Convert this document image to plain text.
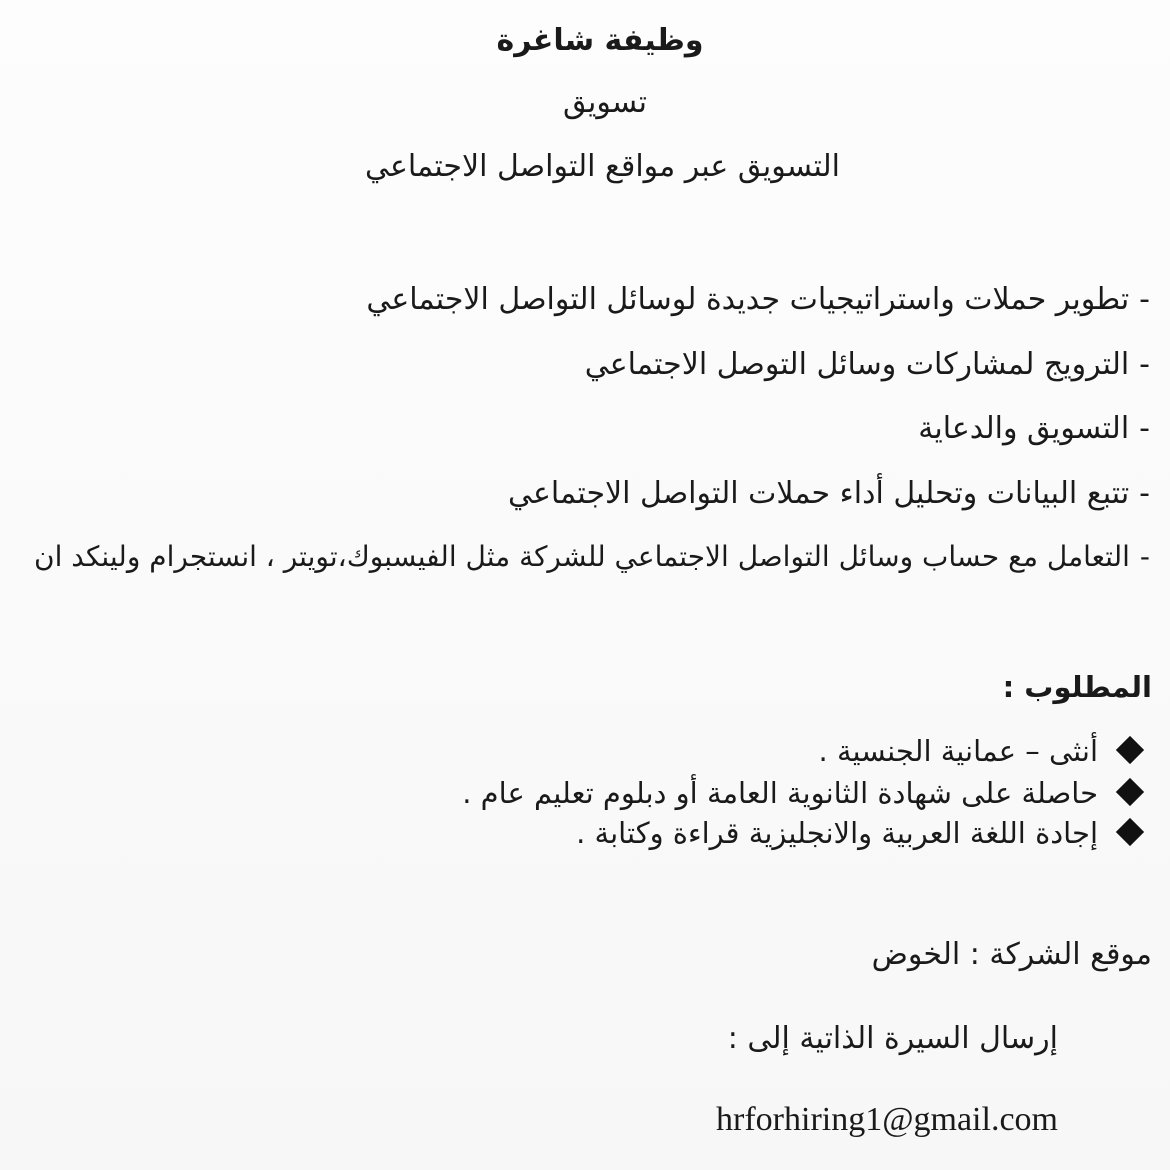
وظيفة شاغرة
تسويق
التسويق عبر مواقع التواصل الاجتماعي
-تطوير حملات واستراتيجيات جديدة لوسائل التواصل الاجتماعي
-الترويج لمشاركات وسائل التوصل الاجتماعي
-التسويق والدعاية
-تتبع البيانات وتحليل أداء حملات التواصل الاجتماعي
-التعامل مع حساب وسائل التواصل الاجتماعي للشركة مثل الفيسبوك،تويتر ، انستجرام ولينكد ان
المطلوب :
أنثى – عمانية الجنسية .
حاصلة على شهادة الثانوية العامة أو دبلوم تعليم عام .
إجادة اللغة العربية والانجليزية قراءة وكتابة .
موقع الشركة : الخوض
إرسال السيرة الذاتية إلى :
hrforhiring1@gmail.com
